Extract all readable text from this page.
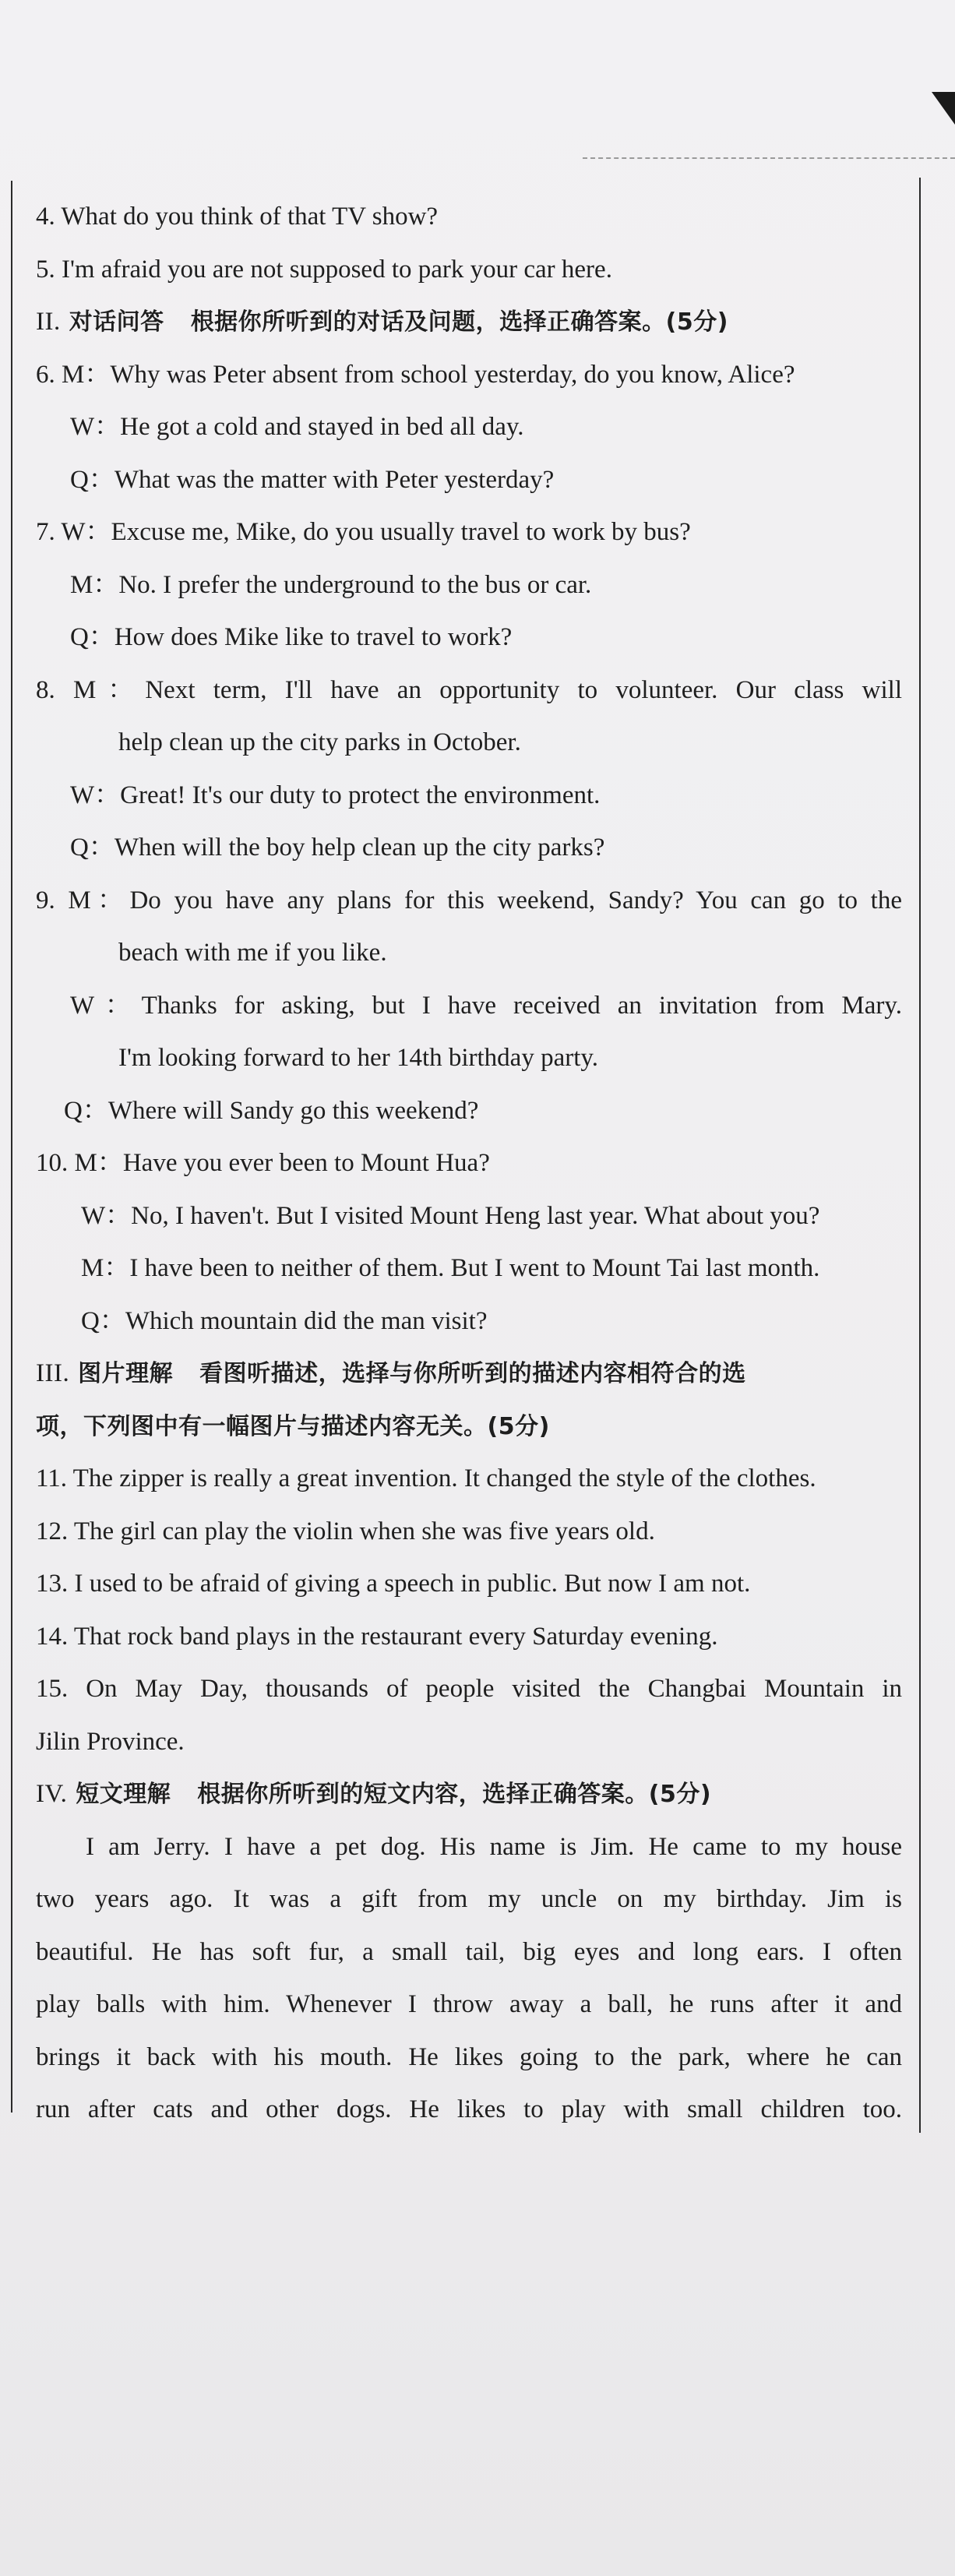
4. What do you think of that TV show?
5. I'm afraid you are not supposed to park your car here.
II. 对话问答 根据你所听到的对话及问题，选择正确答案。(5分)
6. M：Why was Peter absent from school yesterday, do you know, Alice?
W：He got a cold and stayed in bed all day.
Q：What was the matter with Peter yesterday?
7. W：Excuse me, Mike, do you usually travel to work by bus?
M：No. I prefer the underground to the bus or car.
Q：How does Mike like to travel to work?
8. M：Next term, I'll have an opportunity to volunteer. Our class will
help clean up the city parks in October.
W：Great! It's our duty to protect the environment.
Q：When will the boy help clean up the city parks?
9. M：Do you have any plans for this weekend, Sandy? You can go to the
beach with me if you like.
W：Thanks for asking, but I have received an invitation from Mary.
I'm looking forward to her 14th birthday party.
Q：Where will Sandy go this weekend?
10. M：Have you ever been to Mount Hua?
W：No, I haven't. But I visited Mount Heng last year. What about you?
M：I have been to neither of them. But I went to Mount Tai last month.
Q：Which mountain did the man visit?
III. 图片理解 看图听描述，选择与你所听到的描述内容相符合的选
项，下列图中有一幅图片与描述内容无关。(5分)
11. The zipper is really a great invention. It changed the style of the clothes.
12. The girl can play the violin when she was five years old.
13. I used to be afraid of giving a speech in public. But now I am not.
14. That rock band plays in the restaurant every Saturday evening.
15. On May Day, thousands of people visited the Changbai Mountain in
Jilin Province.
IV. 短文理解 根据你所听到的短文内容，选择正确答案。(5分)
I am Jerry. I have a pet dog. His name is Jim. He came to my house
two years ago. It was a gift from my uncle on my birthday. Jim is
beautiful. He has soft fur, a small tail, big eyes and long ears. I often
play balls with him. Whenever I throw away a ball, he runs after it and
brings it back with his mouth. He likes going to the park, where he can
run after cats and other dogs. He likes to play with small children too.
